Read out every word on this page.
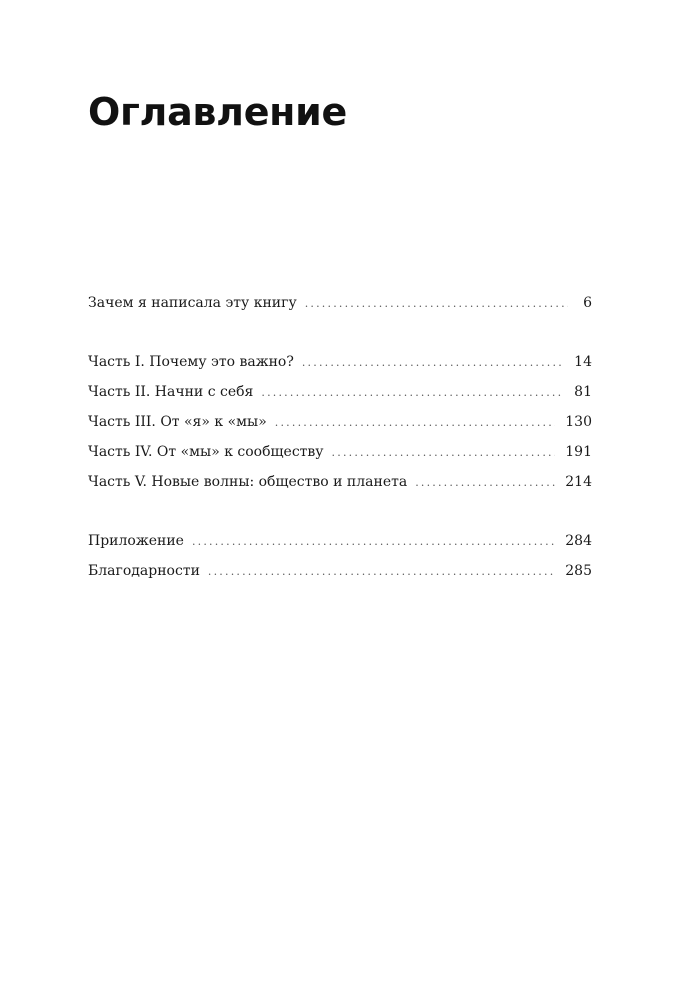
Оглавление
Зачем я написала эту книгу .....	6
Часть I. Почему это важно? .....	14
Часть II. Начни с себя .....	81
Часть III. От «я» к «мы» .....	130
Часть IV. От «мы» к сообществу .....	191
Часть V. Новые волны: общество и планета .....	214
Приложение .....	284
Благодарности .....	285
